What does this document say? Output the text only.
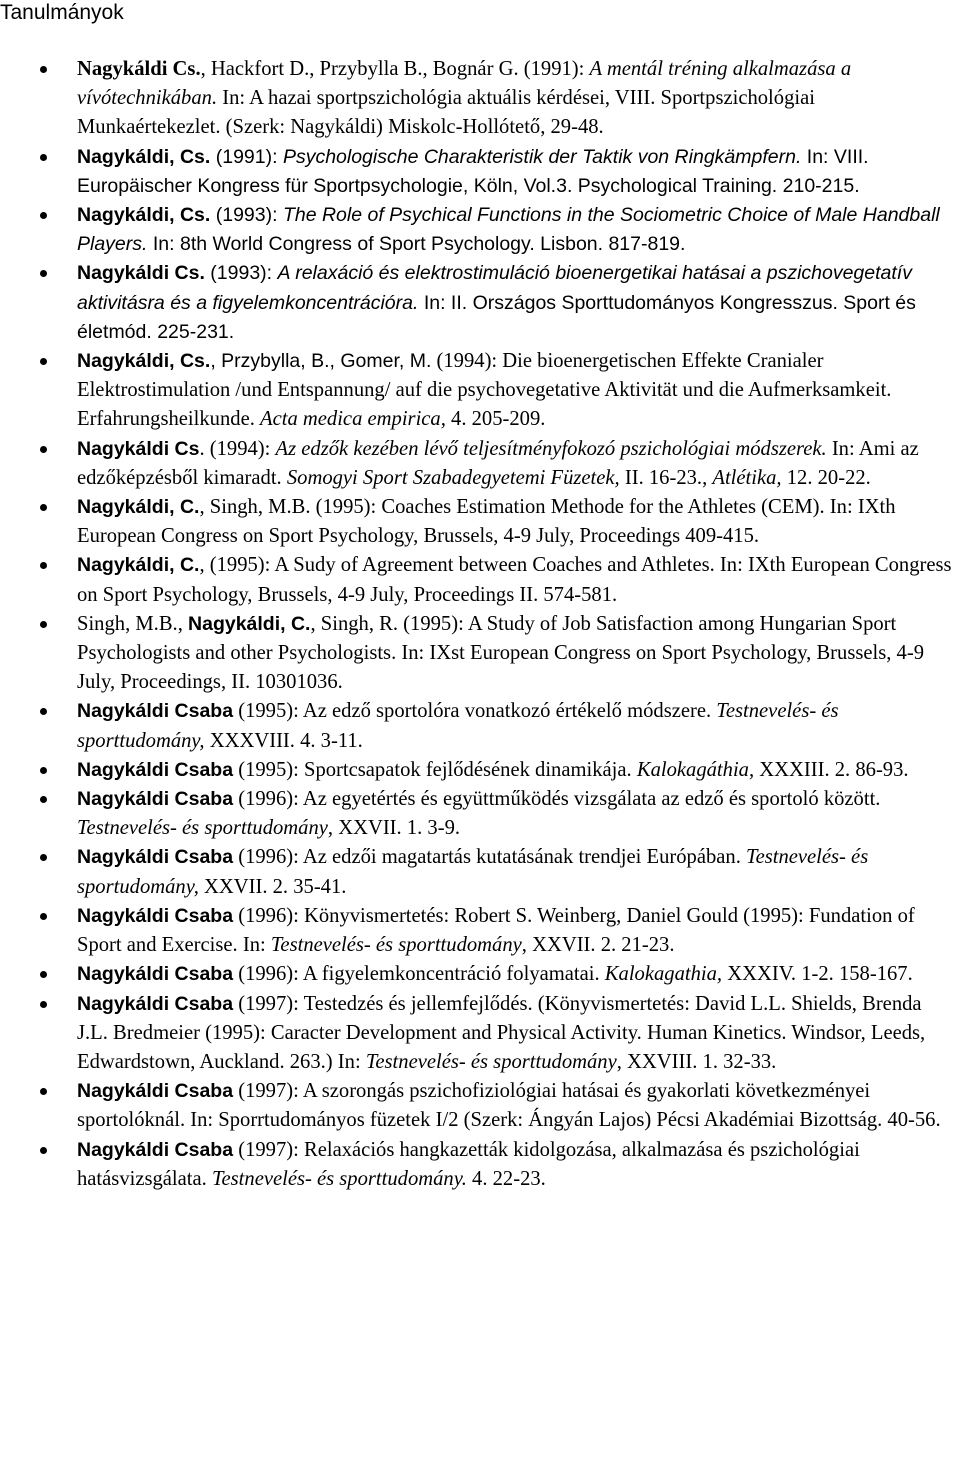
Tanulmányok
Nagykáldi Cs., Hackfort D., Przybylla B., Bognár G. (1991): A mentál tréning alkalmazása a vívótechnikában. In: A hazai sportpszichológia aktuális kérdései, VIII. Sportpszichológiai Munkaértekezlet. (Szerk: Nagykáldi) Miskolc-Hollótető, 29-48.
Nagykáldi, Cs. (1991): Psychologische Charakteristik der Taktik von Ringkämpfern. In: VIII. Europäischer Kongress für Sportpsychologie, Köln, Vol.3. Psychological Training. 210-215.
Nagykáldi, Cs. (1993): The Role of Psychical Functions in the Sociometric Choice of Male Handball Players. In: 8th World Congress of Sport Psychology. Lisbon. 817-819.
Nagykáldi Cs. (1993): A relaxáció és elektrostimuláció bioenergetikai hatásai a pszichovegetatív aktivitásra és a figyelemkoncentrációra. In: II. Országos Sporttudományos Kongresszus. Sport és életmód. 225-231.
Nagykáldi, Cs., Przybylla, B., Gomer, M. (1994): Die bioenergetischen Effekte Cranialer Elektrostimulation /und Entspannung/ auf die psychovegetative Aktivität und die Aufmerksamkeit. Erfahrungsheilkunde. Acta medica empirica, 4. 205-209.
Nagykáldi Cs. (1994): Az edzők kezében lévő teljesítményfokozó pszichológiai módszerek. In: Ami az edzőképzésből kimaradt. Somogyi Sport Szabadegyetemi Füzetek, II. 16-23., Atlétika, 12. 20-22.
Nagykáldi, C., Singh, M.B. (1995): Coaches Estimation Methode for the Athletes (CEM). In: IXth European Congress on Sport Psychology, Brussels, 4-9 July, Proceedings 409-415.
Nagykáldi, C., (1995): A Sudy of Agreement between Coaches and Athletes. In: IXth European Congress on Sport Psychology, Brussels, 4-9 July, Proceedings II. 574-581.
Singh, M.B., Nagykáldi, C., Singh, R. (1995): A Study of Job Satisfaction among Hungarian Sport Psychologists and other Psychologists. In: IXst European Congress on Sport Psychology, Brussels, 4-9 July, Proceedings, II. 10301036.
Nagykáldi Csaba (1995): Az edző sportolóra vonatkozó értékelő módszere. Testnevelés- és sporttudomány, XXXVIII. 4. 3-11.
Nagykáldi Csaba (1995): Sportcsapatok fejlődésének dinamikája. Kalokagáthia, XXXIII. 2. 86-93.
Nagykáldi Csaba (1996): Az egyetértés és együttműködés vizsgálata az edző és sportoló között. Testnevelés- és sporttudomány, XXVII. 1. 3-9.
Nagykáldi Csaba (1996): Az edzői magatartás kutatásának trendjei Európában. Testnevelés- és sportudomány, XXVII. 2. 35-41.
Nagykáldi Csaba (1996): Könyvismertetés: Robert S. Weinberg, Daniel Gould (1995): Fundation of Sport and Exercise. In: Testnevelés- és sporttudomány, XXVII. 2. 21-23.
Nagykáldi Csaba (1996): A figyelemkoncentráció folyamatai. Kalokagathia, XXXIV. 1-2. 158-167.
Nagykáldi Csaba (1997): Testedzés és jellemfejlődés. (Könyvismertetés: David L.L. Shields, Brenda J.L. Bredmeier (1995): Caracter Development and Physical Activity. Human Kinetics. Windsor, Leeds, Edwardstown, Auckland. 263.) In: Testnevelés- és sporttudomány, XXVIII. 1. 32-33.
Nagykáldi Csaba (1997): A szorongás pszichofiziológiai hatásai és gyakorlati következményei sportolóknál. In: Sporrtudományos füzetek I/2 (Szerk: Ángyán Lajos) Pécsi Akadémiai Bizottság. 40-56.
Nagykáldi Csaba (1997): Relaxációs hangkazetták kidolgozása, alkalmazása és pszichológiai hatásvizsgálata. Testnevelés- és sporttudomány. 4. 22-23.
